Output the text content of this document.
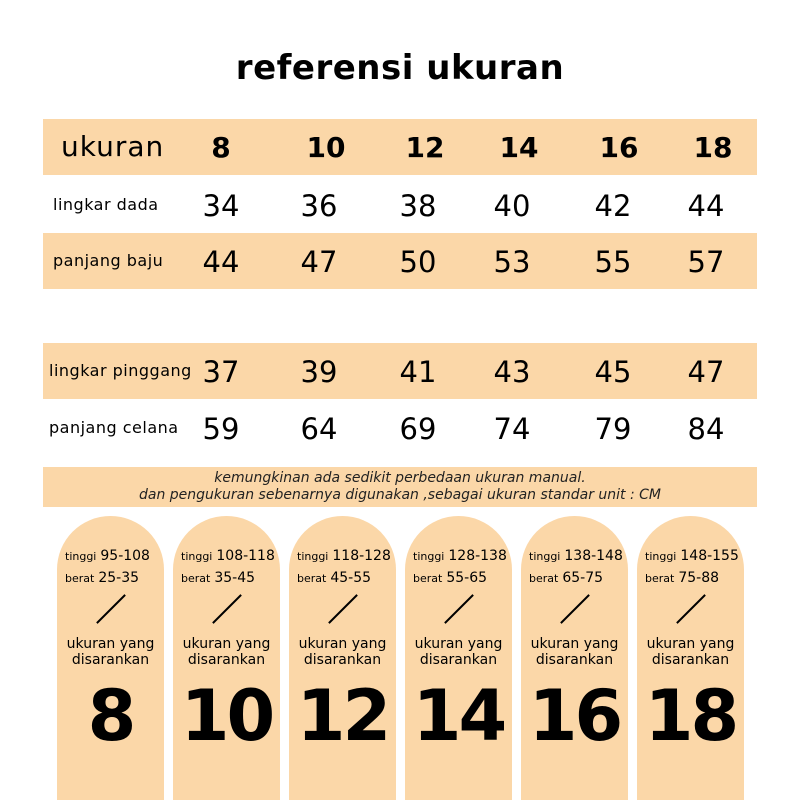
referensi ukuran
ukuran	8	10	12	14	16	18
lingkar dada	34	36	38	40	42	44
panjang baju	44	47	50	53	55	57
lingkar pinggang 37	39	41	43	45	47
panjang celana 59	64	69	74	79	84
kemungkinan ada sedikit perbedaan ukuran manual.
dan pengukuran sebenarnya digunakan ,sebagai ukuran standar unit : CM
tinggi 95-108
berat 25-35
ukuran yang
disarankan
8
tinggi 108-118
berat 35-45
ukuran yang
disarankan
10
tinggi 118-128
berat 45-55
ukuran yang
disarankan
12
tinggi 128-138
berat 55-65
ukuran yang
disarankan
14
tinggi 138-148
berat 65-75
ukuran yang
disarankan
16
tinggi 148-155
berat 75-88
ukuran yang
disarankan
18
